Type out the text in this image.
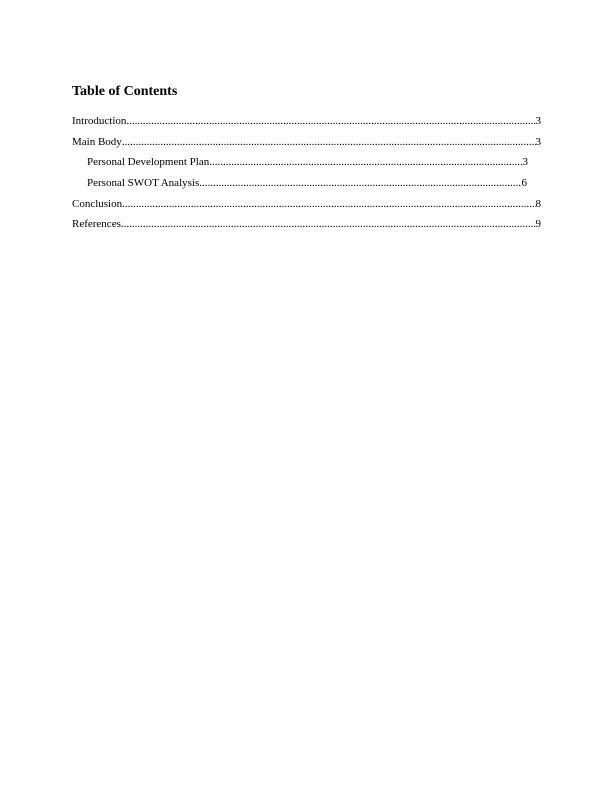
Table of Contents
Introduction .....	3
Main Body .....	3
Personal Development Plan .....	3
Personal SWOT Analysis .....	6
Conclusion .....	8
References .....	9
